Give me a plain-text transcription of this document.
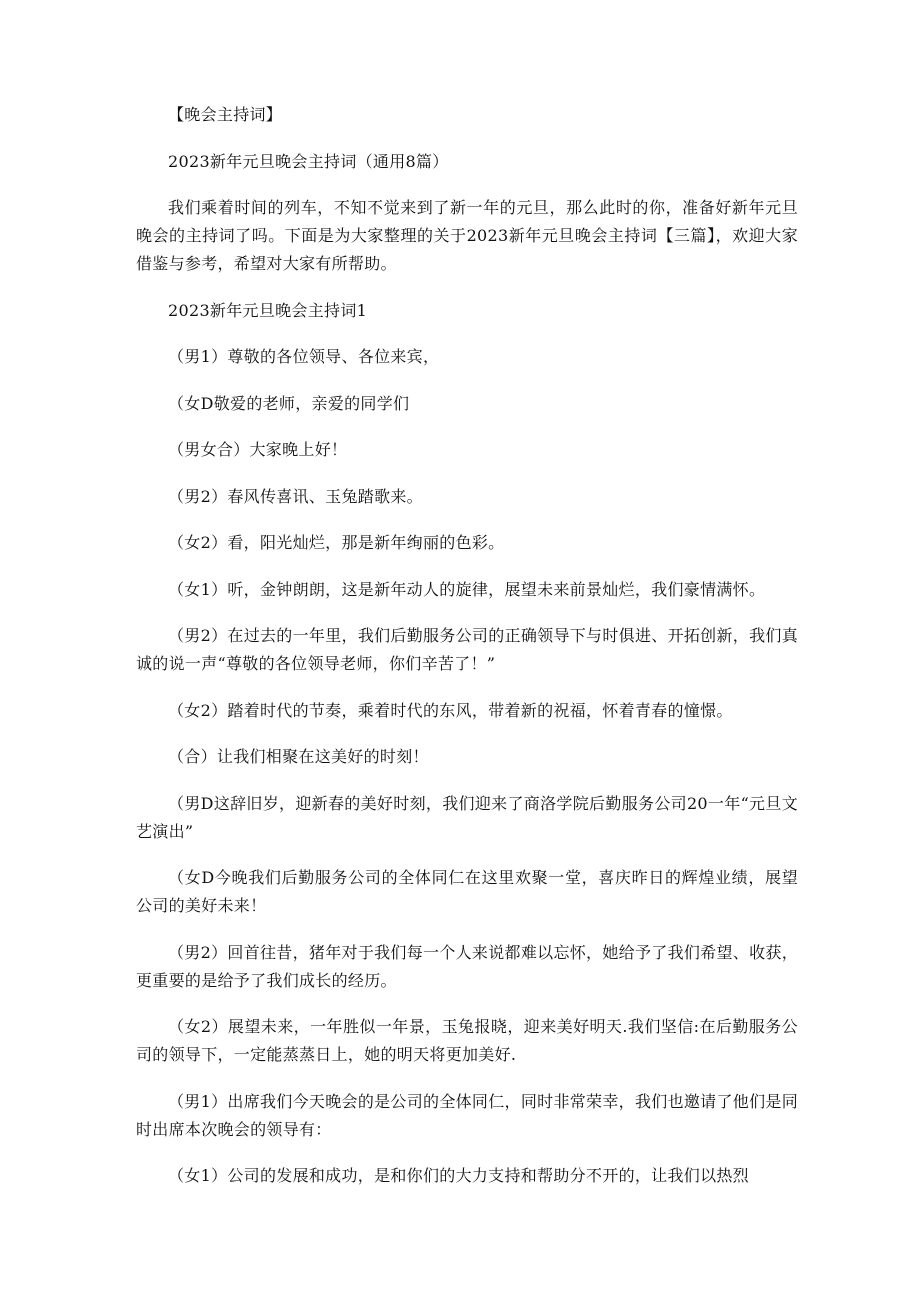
【晚会主持词】

2023新年元旦晚会主持词（通用8篇）

我们乘着时间的列车，不知不觉来到了新一年的元旦，那么此时的你，准备好新年元旦晚会的主持词了吗。下面是为大家整理的关于2023新年元旦晚会主持词【三篇】，欢迎大家借鉴与参考，希望对大家有所帮助。

2023新年元旦晚会主持词1

（男1）尊敬的各位领导、各位来宾，

（女D敬爱的老师，亲爱的同学们

（男女合）大家晚上好！

（男2）春风传喜讯、玉兔踏歌来。

（女2）看，阳光灿烂，那是新年绚丽的色彩。

（女1）听，金钟朗朗，这是新年动人的旋律，展望未来前景灿烂，我们豪情满怀。

（男2）在过去的一年里，我们后勤服务公司的正确领导下与时俱进、开拓创新，我们真诚的说一声“尊敬的各位领导老师，你们辛苦了！”

（女2）踏着时代的节奏，乘着时代的东风，带着新的祝福，怀着青春的憧憬。

（合）让我们相聚在这美好的时刻！

（男D这辞旧岁，迎新春的美好时刻，我们迎来了商洛学院后勤服务公司20一年“元旦文艺演出”

（女D今晚我们后勤服务公司的全体同仁在这里欢聚一堂，喜庆昨日的辉煌业绩，展望公司的美好未来！

（男2）回首往昔，猪年对于我们每一个人来说都难以忘怀，她给予了我们希望、收获，更重要的是给予了我们成长的经历。

（女2）展望未来，一年胜似一年景，玉兔报晓，迎来美好明天.我们坚信:在后勤服务公司的领导下，一定能蒸蒸日上，她的明天将更加美好.

（男1）出席我们今天晚会的是公司的全体同仁，同时非常荣幸，我们也邀请了他们是同时出席本次晚会的领导有：

（女1）公司的发展和成功，是和你们的大力支持和帮助分不开的，让我们以热烈
